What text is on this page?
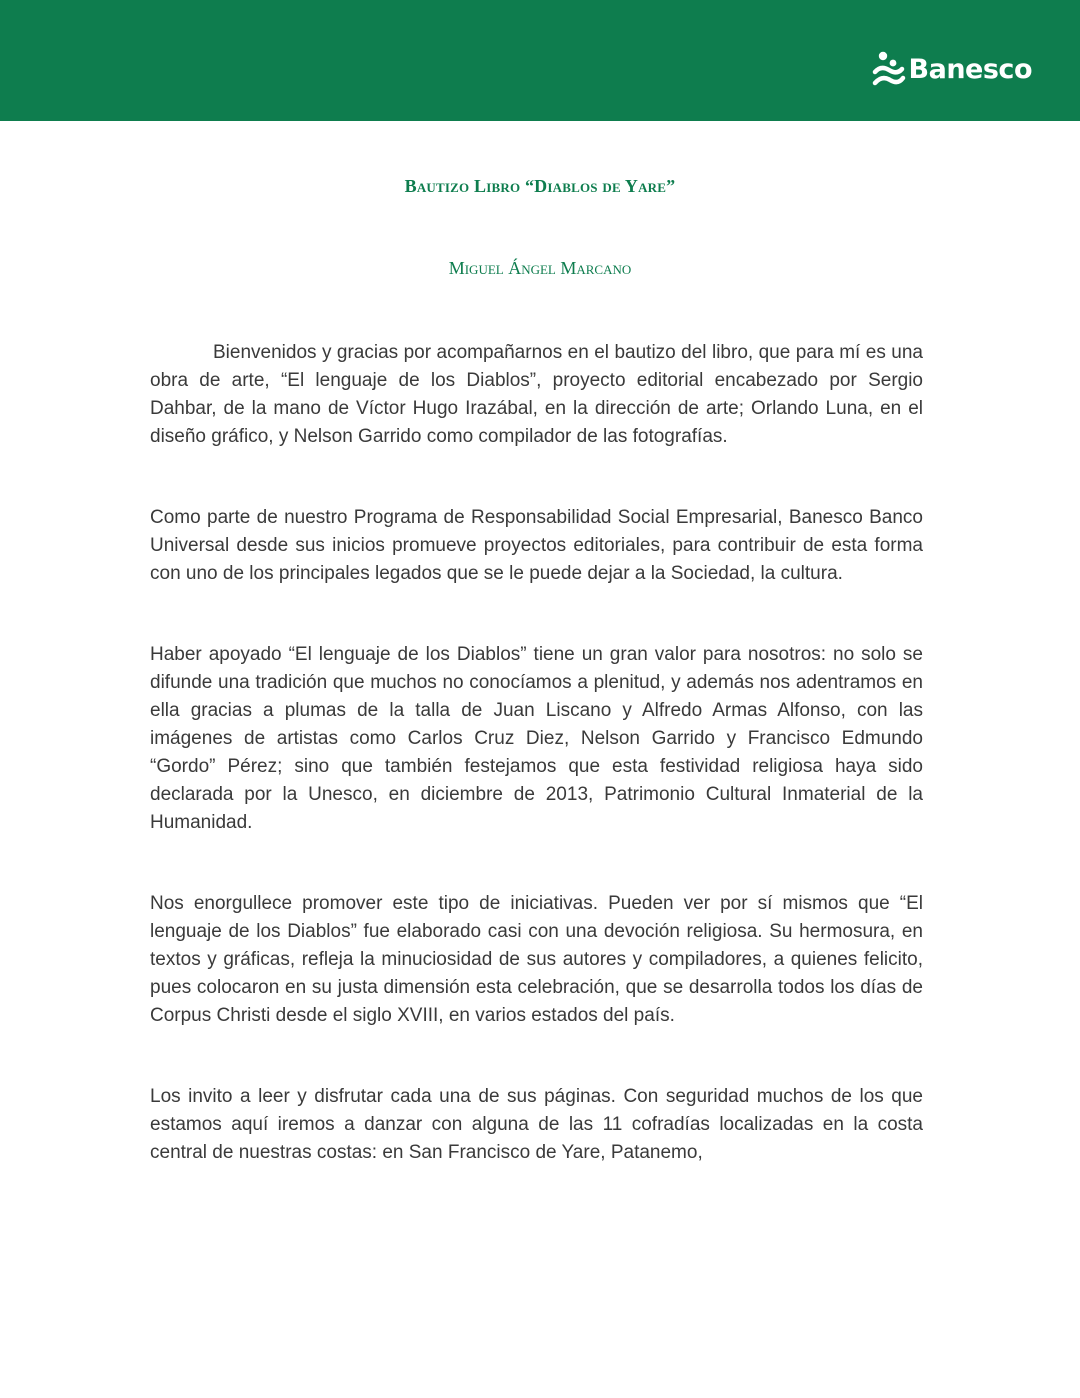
Banesco
Bautizo Libro “Diablos de Yare”
Miguel Ángel Marcano

Bienvenidos y gracias por acompañarnos en el bautizo del libro, que para mí es una obra de arte, “El lenguaje de los Diablos”, proyecto editorial encabezado por Sergio Dahbar, de la mano de Víctor Hugo Irazábal, en la dirección de arte; Orlando Luna, en el diseño gráfico, y Nelson Garrido como compilador de las fotografías.

Como parte de nuestro Programa de Responsabilidad Social Empresarial, Banesco Banco Universal desde sus inicios promueve proyectos editoriales, para contribuir de esta forma con uno de los principales legados que se le puede dejar a la Sociedad, la cultura.

Haber apoyado “El lenguaje de los Diablos” tiene un gran valor para nosotros: no solo se difunde una tradición que muchos no conocíamos a plenitud, y además nos adentramos en ella gracias a plumas de la talla de Juan Liscano y Alfredo Armas Alfonso, con las imágenes de artistas como Carlos Cruz Diez, Nelson Garrido y Francisco Edmundo “Gordo” Pérez; sino que también festejamos que esta festividad religiosa haya sido declarada por la Unesco, en diciembre de 2013, Patrimonio Cultural Inmaterial de la Humanidad.

Nos enorgullece promover este tipo de iniciativas. Pueden ver por sí mismos que “El lenguaje de los Diablos” fue elaborado casi con una devoción religiosa. Su hermosura, en textos y gráficas, refleja la minuciosidad de sus autores y compiladores, a quienes felicito, pues colocaron en su justa dimensión esta celebración, que se desarrolla todos los días de Corpus Christi desde el siglo XVIII, en varios estados del país.

Los invito a leer y disfrutar cada una de sus páginas. Con seguridad muchos de los que estamos aquí iremos a danzar con alguna de las 11 cofradías localizadas en la costa central de nuestras costas: en San Francisco de Yare, Patanemo,
